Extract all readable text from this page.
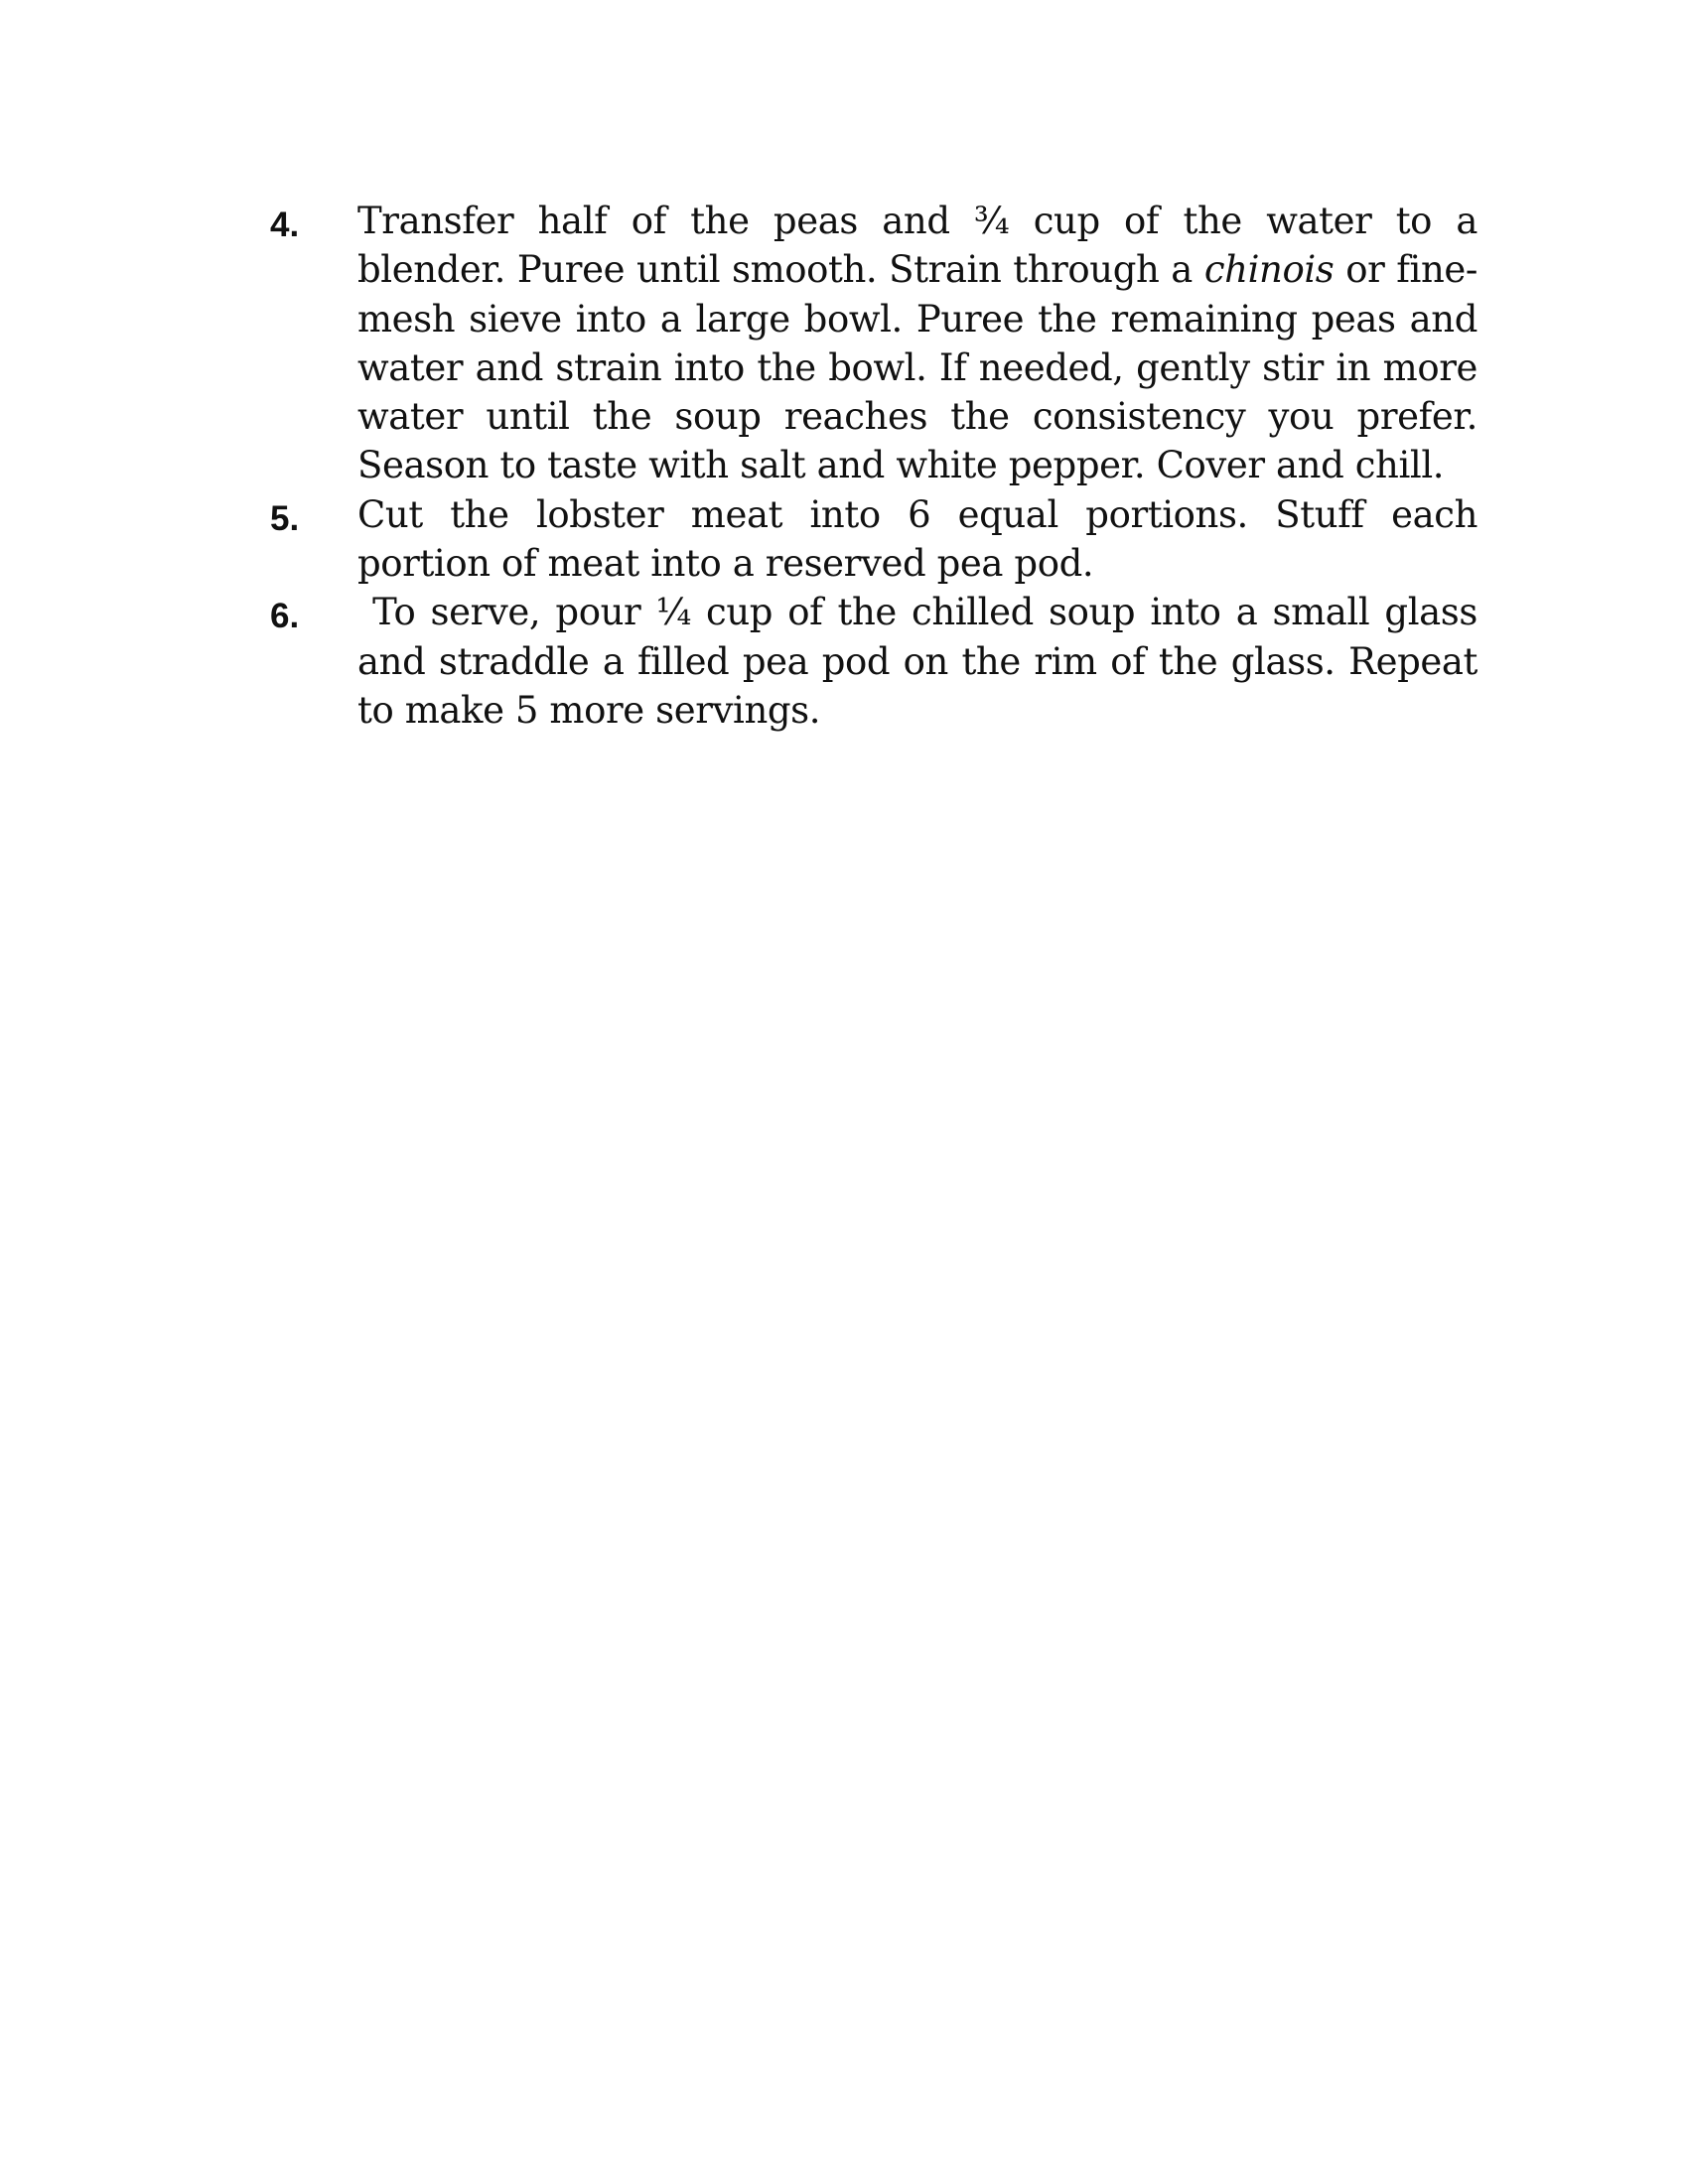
4. Transfer half of the peas and ¾ cup of the water to a blender. Puree until smooth. Strain through a chinois or fine-mesh sieve into a large bowl. Puree the remaining peas and water and strain into the bowl. If needed, gently stir in more water until the soup reaches the consistency you prefer. Season to taste with salt and white pepper. Cover and chill.
5. Cut the lobster meat into 6 equal portions. Stuff each portion of meat into a reserved pea pod.
6. To serve, pour ¼ cup of the chilled soup into a small glass and straddle a filled pea pod on the rim of the glass. Repeat to make 5 more servings.
